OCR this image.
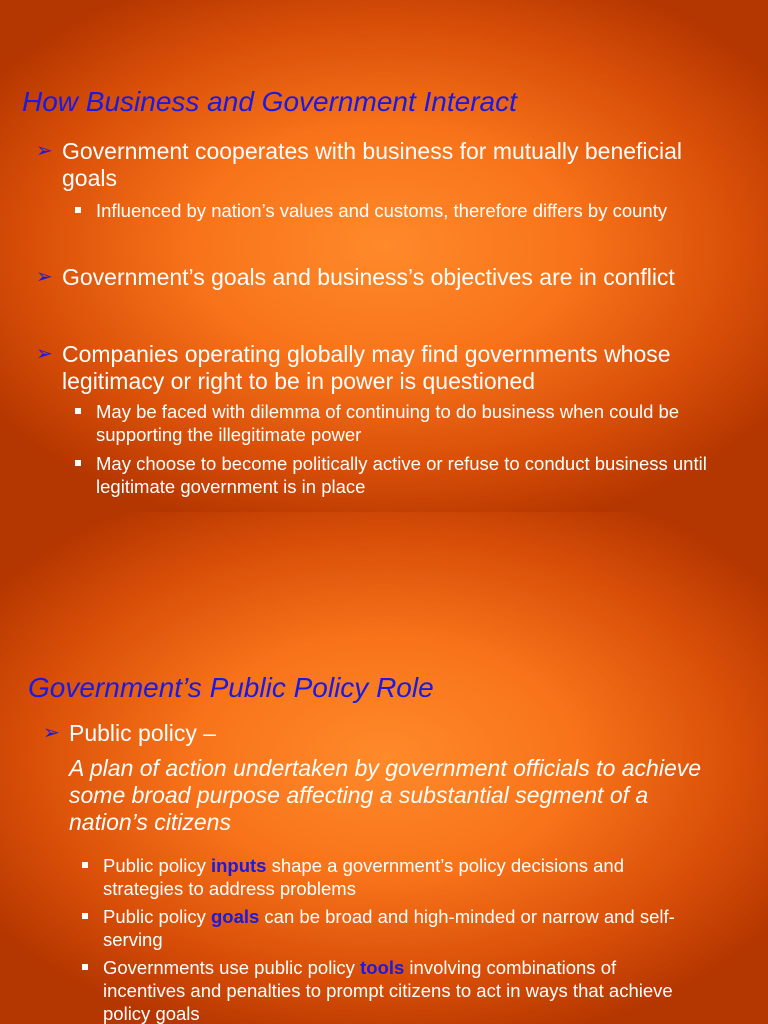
How Business and Government Interact
➢ Government cooperates with business for mutually beneficial goals
Influenced by nation’s values and customs, therefore differs by county
➢ Government’s goals and business’s objectives are in conflict
➢ Companies operating globally may find governments whose legitimacy or right to be in power is questioned
May be faced with dilemma of continuing to do business when could be supporting the illegitimate power
May choose to become politically active or refuse to conduct business until legitimate government is in place
Government’s Public Policy Role
➢ Public policy –
A plan of action undertaken by government officials to achieve some broad purpose affecting a substantial segment of a nation’s citizens
Public policy inputs shape a government’s policy decisions and strategies to address problems
Public policy goals can be broad and high-minded or narrow and self-serving
Governments use public policy tools involving combinations of incentives and penalties to prompt citizens to act in ways that achieve policy goals
